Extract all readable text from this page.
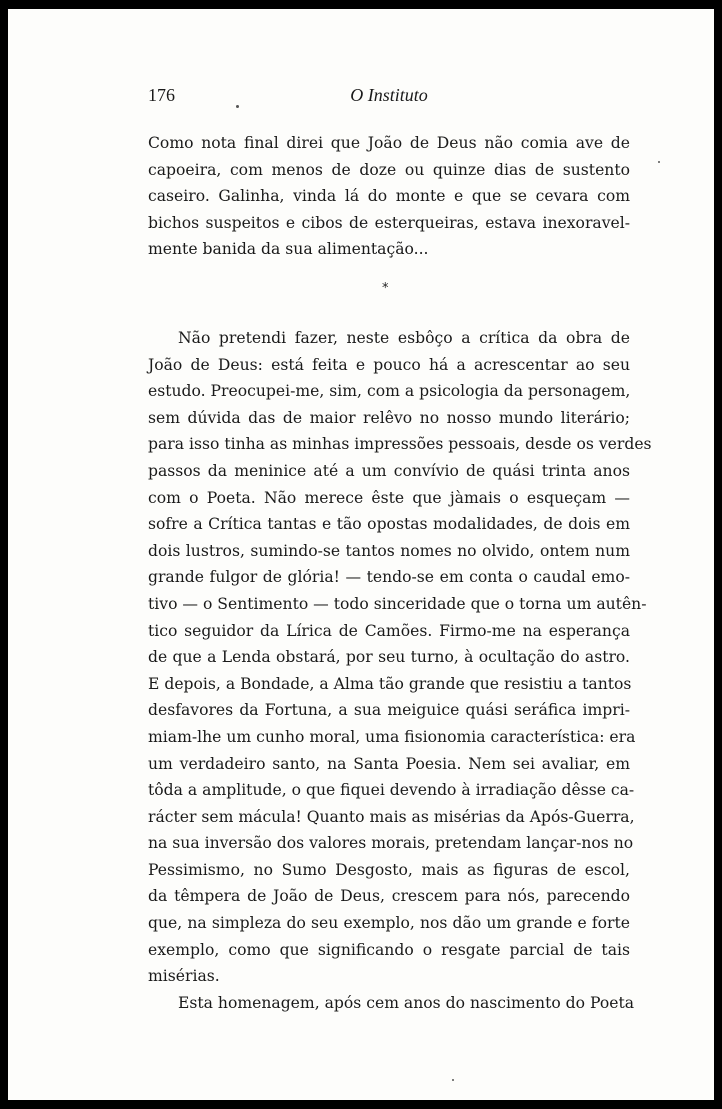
176	O Instituto
Como nota final direi que João de Deus não comia ave de
capoeira, com menos de doze ou quinze dias de sustento
caseiro. Galinha, vinda lá do monte e que se cevara com
bichos suspeitos e cibos de esterqueiras, estava inexoravel-
mente banida da sua alimentação...
*
Não pretendi fazer, neste esbôço a crítica da obra de
João de Deus: está feita e pouco há a acrescentar ao seu
estudo. Preocupei-me, sim, com a psicologia da personagem,
sem dúvida das de maior relêvo no nosso mundo literário;
para isso tinha as minhas impressões pessoais, desde os verdes
passos da meninice até a um convívio de quási trinta anos
com o Poeta. Não merece êste que jàmais o esqueçam —
sofre a Crítica tantas e tão opostas modalidades, de dois em
dois lustros, sumindo-se tantos nomes no olvido, ontem num
grande fulgor de glória! — tendo-se em conta o caudal emo-
tivo — o Sentimento — todo sinceridade que o torna um autên-
tico seguidor da Lírica de Camões. Firmo-me na esperança
de que a Lenda obstará, por seu turno, à ocultação do astro.
E depois, a Bondade, a Alma tão grande que resistiu a tantos
desfavores da Fortuna, a sua meiguice quási seráfica impri-
miam-lhe um cunho moral, uma fisionomia característica: era
um verdadeiro santo, na Santa Poesia. Nem sei avaliar, em
tôda a amplitude, o que fiquei devendo à irradiação dêsse ca-
rácter sem mácula! Quanto mais as misérias da Após-Guerra,
na sua inversão dos valores morais, pretendam lançar-nos no
Pessimismo, no Sumo Desgosto, mais as figuras de escol,
da têmpera de João de Deus, crescem para nós, parecendo
que, na simpleza do seu exemplo, nos dão um grande e forte
exemplo, como que significando o resgate parcial de tais
misérias.
Esta homenagem, após cem anos do nascimento do Poeta
